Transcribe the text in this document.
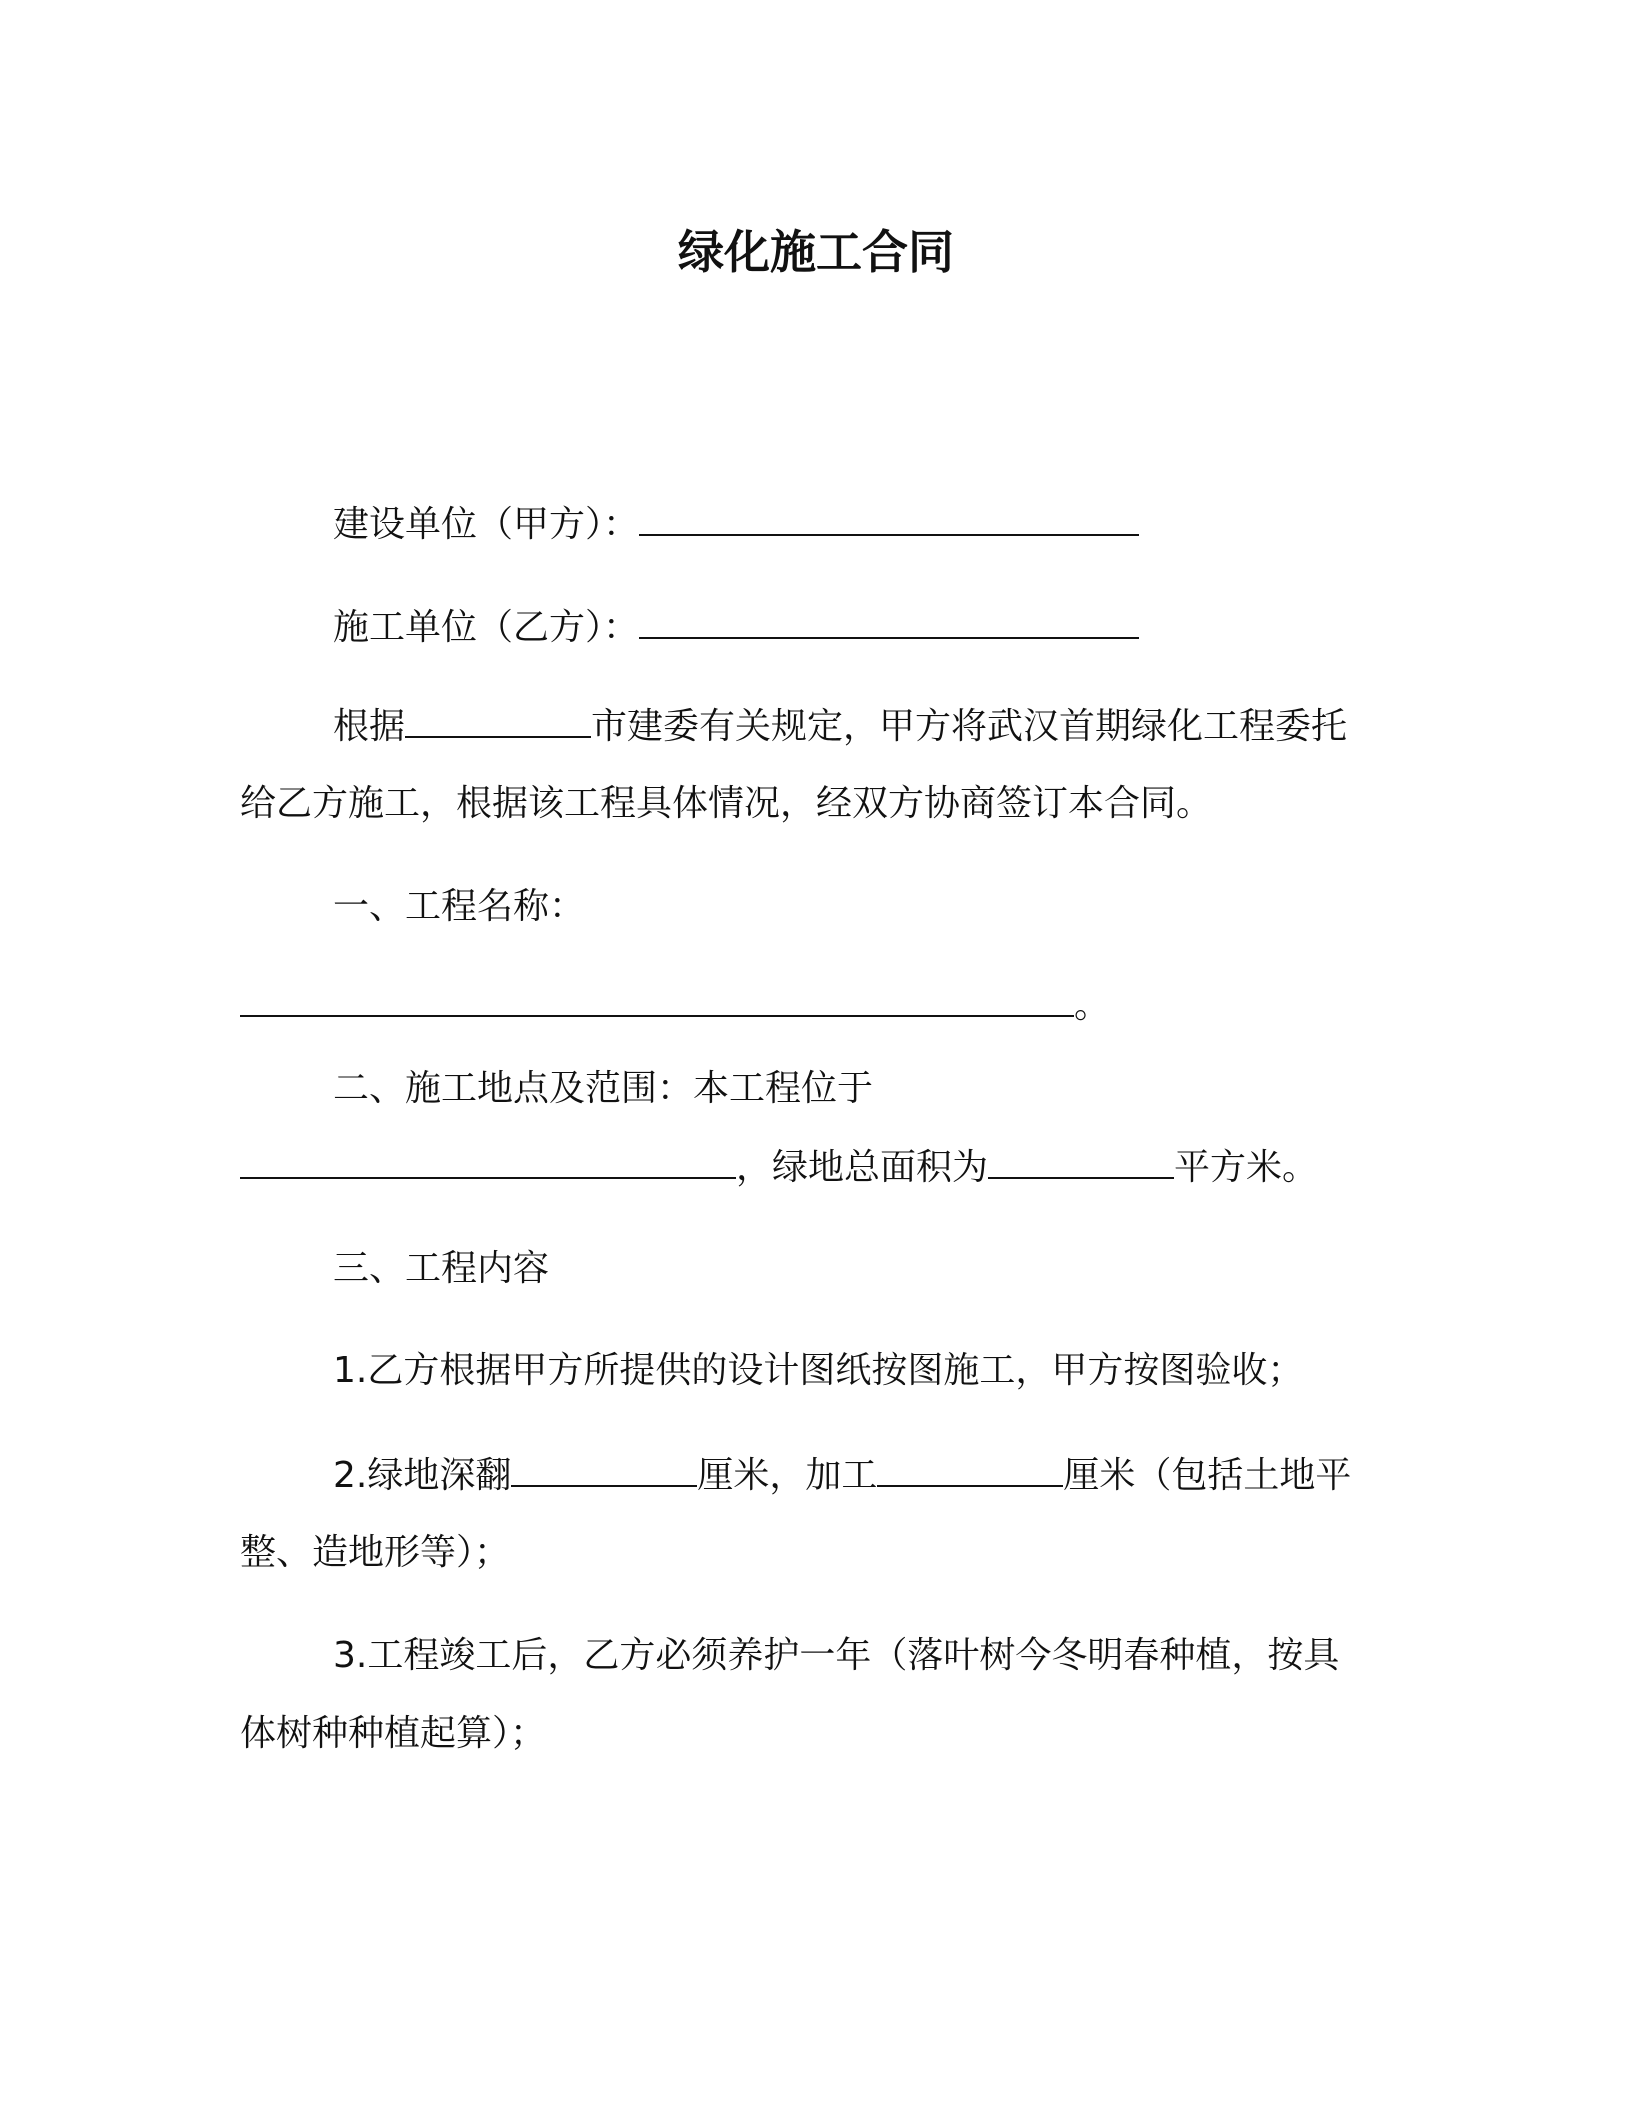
绿化施工合同
建设单位（甲方）：
施工单位（乙方）：
根据	市建委有关规定，甲方将武汉首期绿化工程委托
给乙方施工，根据该工程具体情况，经双方协商签订本合同。
一、工程名称：
。
二、施工地点及范围：本工程位于
，绿地总面积为	平方米。
三、工程内容
1.乙方根据甲方所提供的设计图纸按图施工，甲方按图验收；
2.绿地深翻	厘米，加工	厘米（包括土地平
整、造地形等）；
3.工程竣工后，乙方必须养护一年（落叶树今冬明春种植，按具
体树种种植起算）；
